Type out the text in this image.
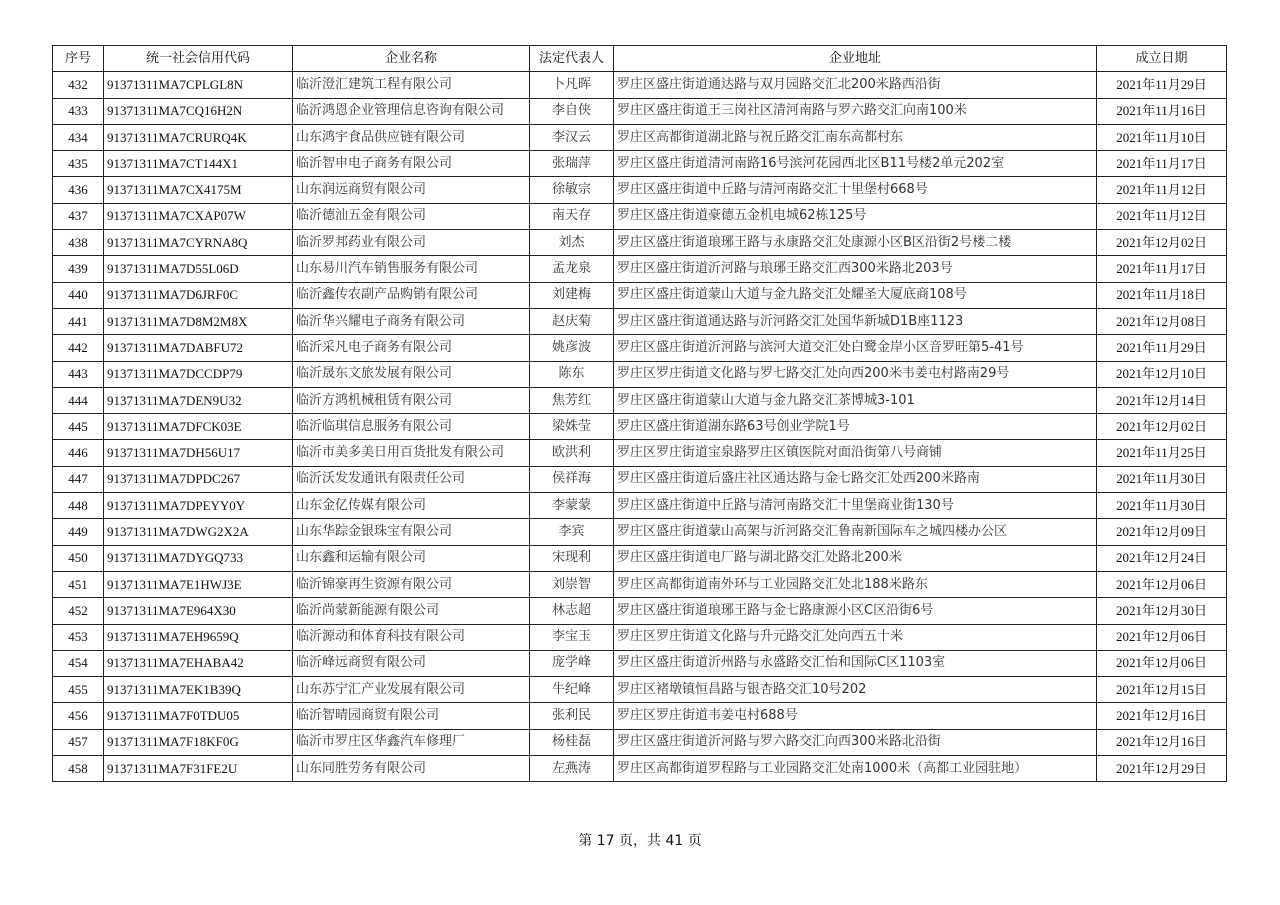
序号	统一社会信用代码	企业名称	法定代表人	企业地址	成立日期
432	91371311MA7CPLGL8N	临沂澄汇建筑工程有限公司	卜凡晖	罗庄区盛庄街道通达路与双月园路交汇北200米路西沿街	2021年11月29日
433	91371311MA7CQ16H2N	临沂鸿恩企业管理信息咨询有限公司	李自侠	罗庄区盛庄街道王三岗社区清河南路与罗六路交汇向南100米	2021年11月16日
434	91371311MA7CRURQ4K	山东鸿宇食品供应链有限公司	李汉云	罗庄区高都街道湖北路与祝丘路交汇南东高都村东	2021年11月10日
435	91371311MA7CT144X1	临沂智申电子商务有限公司	张瑞萍	罗庄区盛庄街道清河南路16号滨河花园西北区B11号楼2单元202室	2021年11月17日
436	91371311MA7CX4175M	山东润远商贸有限公司	徐敏宗	罗庄区盛庄街道中丘路与清河南路交汇十里堡村668号	2021年11月12日
437	91371311MA7CXAP07W	临沂德汕五金有限公司	南天存	罗庄区盛庄街道豪德五金机电城62栋125号	2021年11月12日
438	91371311MA7CYRNA8Q	临沂罗邦药业有限公司	刘杰	罗庄区盛庄街道琅琊王路与永康路交汇处康源小区B区沿街2号楼二楼	2021年12月02日
439	91371311MA7D55L06D	山东易川汽车销售服务有限公司	孟龙泉	罗庄区盛庄街道沂河路与琅琊王路交汇西300米路北203号	2021年11月17日
440	91371311MA7D6JRF0C	临沂鑫传农副产品购销有限公司	刘建梅	罗庄区盛庄街道蒙山大道与金九路交汇处耀圣大厦底商108号	2021年11月18日
441	91371311MA7D8M2M8X	临沂华兴耀电子商务有限公司	赵庆菊	罗庄区盛庄街道通达路与沂河路交汇处国华新城D1B座1123	2021年12月08日
442	91371311MA7DABFU72	临沂采凡电子商务有限公司	姚彦波	罗庄区盛庄街道沂河路与滨河大道交汇处白鹭金岸小区音罗旺第5-41号	2021年11月29日
443	91371311MA7DCCDP79	临沂晟东文旅发展有限公司	陈东	罗庄区罗庄街道文化路与罗七路交汇处向西200米韦姜屯村路南29号	2021年12月10日
444	91371311MA7DEN9U32	临沂方鸿机械租赁有限公司	焦芳红	罗庄区盛庄街道蒙山大道与金九路交汇茶博城3-101	2021年12月14日
445	91371311MA7DFCK03E	临沂临琪信息服务有限公司	梁姝莹	罗庄区盛庄街道湖东路63号创业学院1号	2021年12月02日
446	91371311MA7DH56U17	临沂市美多美日用百货批发有限公司	欧洪利	罗庄区罗庄街道宝泉路罗庄区镇医院对面沿街第八号商铺	2021年11月25日
447	91371311MA7DPDC267	临沂沃发发通讯有限责任公司	侯祥海	罗庄区盛庄街道后盛庄社区通达路与金七路交汇处西200米路南	2021年11月30日
448	91371311MA7DPEYY0Y	山东金亿传媒有限公司	李蒙蒙	罗庄区盛庄街道中丘路与清河南路交汇十里堡商业街130号	2021年11月30日
449	91371311MA7DWG2X2A	山东华踪金银珠宝有限公司	李宾	罗庄区盛庄街道蒙山高架与沂河路交汇鲁南新国际车之城四楼办公区	2021年12月09日
450	91371311MA7DYGQ733	山东鑫和运输有限公司	宋现利	罗庄区盛庄街道电厂路与湖北路交汇处路北200米	2021年12月24日
451	91371311MA7E1HWJ3E	临沂锦豪再生资源有限公司	刘崇智	罗庄区高都街道南外环与工业园路交汇处北188米路东	2021年12月06日
452	91371311MA7E964X30	临沂尚蒙新能源有限公司	林志超	罗庄区盛庄街道琅琊王路与金七路康源小区C区沿街6号	2021年12月30日
453	91371311MA7EH9659Q	临沂源动和体育科技有限公司	李宝玉	罗庄区罗庄街道文化路与升元路交汇处向西五十米	2021年12月06日
454	91371311MA7EHABA42	临沂峰远商贸有限公司	庞学峰	罗庄区盛庄街道沂州路与永盛路交汇怡和国际C区1103室	2021年12月06日
455	91371311MA7EK1B39Q	山东苏宁汇产业发展有限公司	牛纪峰	罗庄区褚墩镇恒昌路与银杏路交汇10号202	2021年12月15日
456	91371311MA7F0TDU05	临沂智晴园商贸有限公司	张利民	罗庄区罗庄街道韦姜屯村688号	2021年12月16日
457	91371311MA7F18KF0G	临沂市罗庄区华鑫汽车修理厂	杨桂磊	罗庄区盛庄街道沂河路与罗六路交汇向西300米路北沿街	2021年12月16日
458	91371311MA7F31FE2U	山东同胜劳务有限公司	左燕涛	罗庄区高都街道罗程路与工业园路交汇处南1000米（高都工业园驻地）	2021年12月29日
第 17 页，共 41 页
